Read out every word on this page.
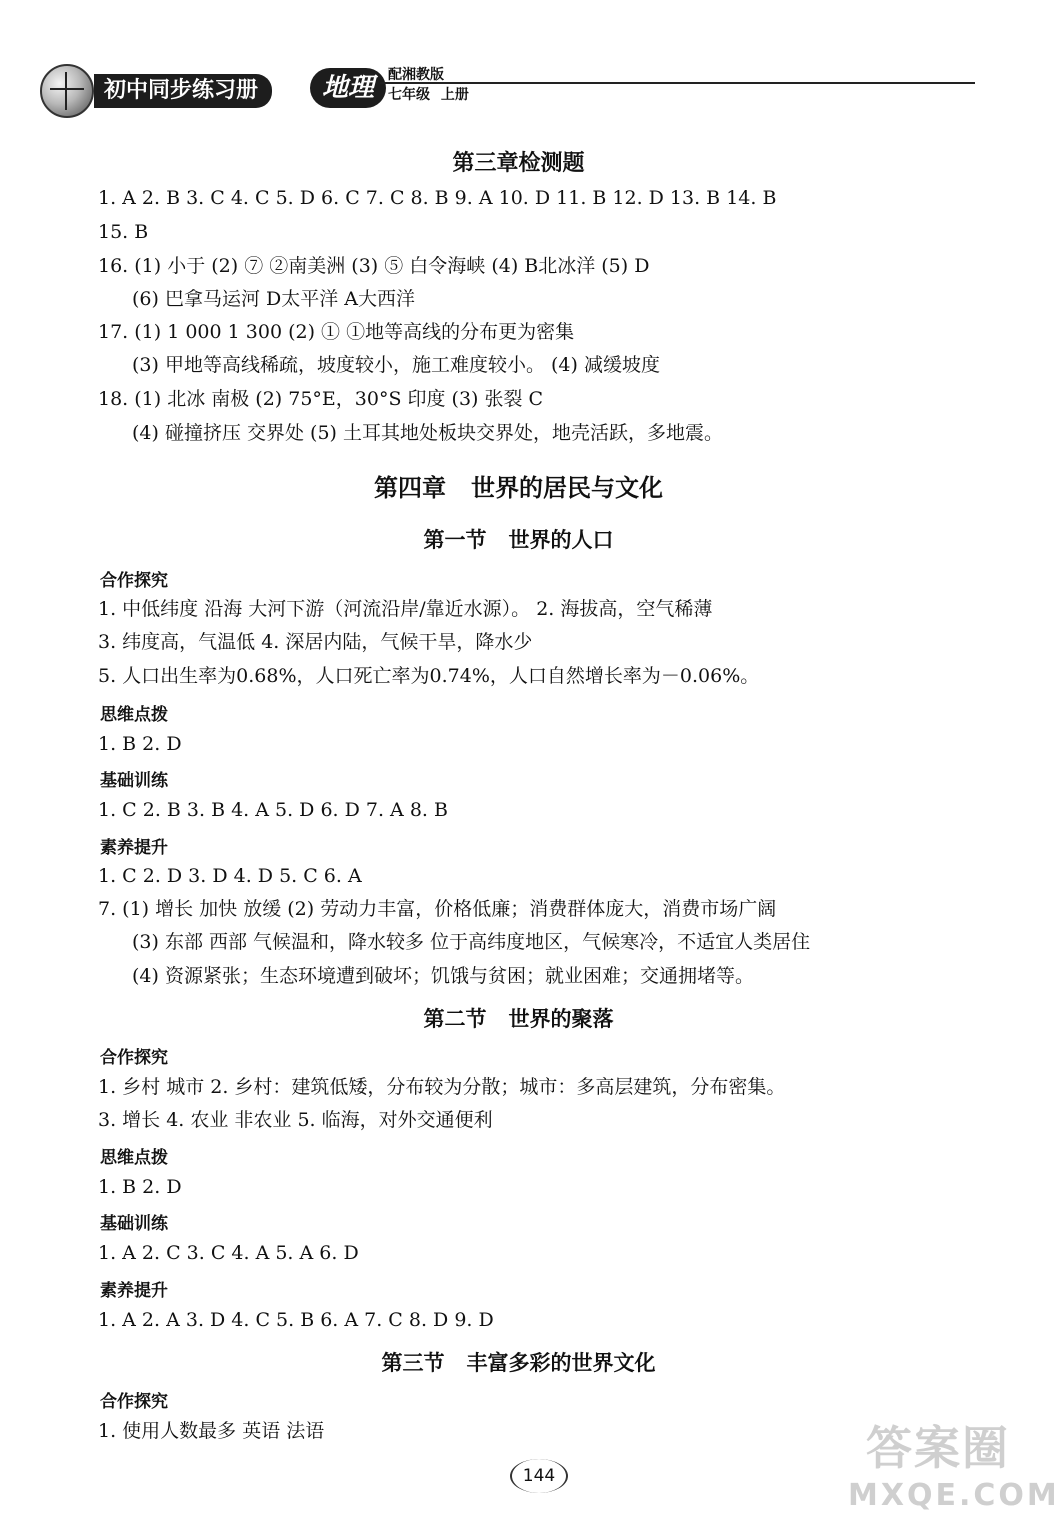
初中同步练习册	地理 配湘教版
七年级 上册
第三章检测题
1. A 2. B 3. C 4. C 5. D 6. C 7. C 8. B 9. A 10. D 11. B 12. D 13. B 14. B
15. B
16. (1) 小于 (2) ⑦ ②南美洲 (3) ⑤ 白令海峡 (4) B北冰洋 (5) D
(6) 巴拿马运河 D太平洋 A大西洋
17. (1) 1 000 1 300 (2) ① ①地等高线的分布更为密集
(3) 甲地等高线稀疏，坡度较小，施工难度较小。 (4) 减缓坡度
18. (1) 北冰 南极 (2) 75°E，30°S 印度 (3) 张裂 C
(4) 碰撞挤压 交界处 (5) 土耳其地处板块交界处，地壳活跃，多地震。
第四章   世界的居民与文化
第一节   世界的人口
合作探究
1. 中低纬度 沿海 大河下游（河流沿岸/靠近水源）。 2. 海拔高，空气稀薄
3. 纬度高，气温低 4. 深居内陆，气候干旱，降水少
5. 人口出生率为0.68%，人口死亡率为0.74%，人口自然增长率为－0.06%。
思维点拨
1. B 2. D
基础训练
1. C 2. B 3. B 4. A 5. D 6. D 7. A 8. B
素养提升
1. C 2. D 3. D 4. D 5. C 6. A
7. (1) 增长 加快 放缓 (2) 劳动力丰富，价格低廉；消费群体庞大，消费市场广阔
(3) 东部 西部 气候温和，降水较多 位于高纬度地区，气候寒冷，不适宜人类居住
(4) 资源紧张；生态环境遭到破坏；饥饿与贫困；就业困难；交通拥堵等。
第二节   世界的聚落
合作探究
1. 乡村 城市 2. 乡村：建筑低矮，分布较为分散；城市：多高层建筑，分布密集。
3. 增长 4. 农业 非农业 5. 临海，对外交通便利
思维点拨
1. B 2. D
基础训练
1. A 2. C 3. C 4. A 5. A 6. D
素养提升
1. A 2. A 3. D 4. C 5. B 6. A 7. C 8. D 9. D
第三节   丰富多彩的世界文化
合作探究
1. 使用人数最多 英语 法语
144
答案圈
MXQE.COM
